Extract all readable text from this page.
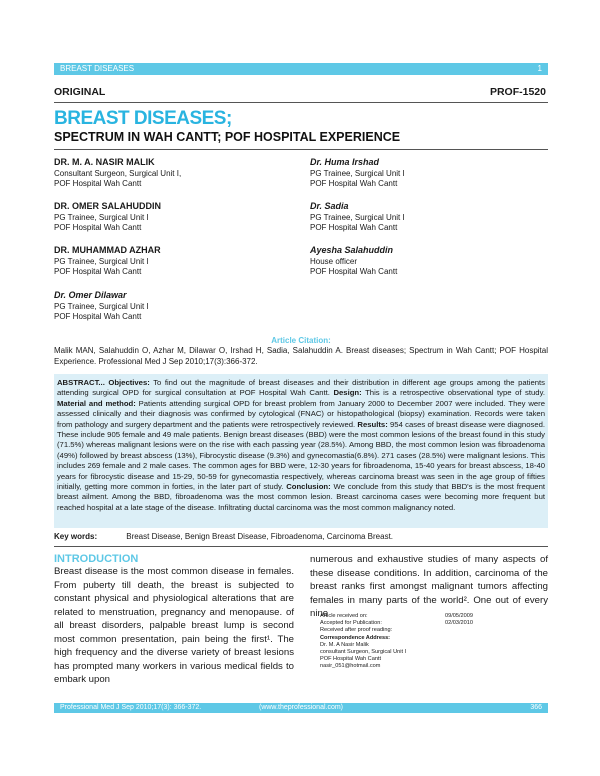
BREAST DISEASES	1
ORIGINAL	PROF-1520
BREAST DISEASES;
SPECTRUM IN WAH CANTT; POF HOSPITAL EXPERIENCE
DR. M. A. NASIR MALIK
Consultant Surgeon, Surgical Unit I,
POF Hospital Wah Cantt
DR. OMER SALAHUDDIN
PG Trainee, Surgical Unit I
POF Hospital Wah Cantt
DR. MUHAMMAD AZHAR
PG Trainee, Surgical Unit I
POF Hospital Wah Cantt
Dr. Omer Dilawar
PG Trainee, Surgical Unit I
POF Hospital Wah Cantt
Dr. Huma Irshad
PG Trainee, Surgical Unit I
POF Hospital Wah Cantt
Dr. Sadia
PG Trainee, Surgical Unit I
POF Hospital Wah Cantt
Ayesha Salahuddin
House officer
POF Hospital Wah Cantt
Article Citation:
Malik MAN, Salahuddin O, Azhar M, Dilawar O, Irshad H, Sadia, Salahuddin A. Breast diseases; Spectrum in Wah Cantt; POF Hospital Experience. Professional Med J Sep 2010;17(3):366-372.
ABSTRACT... Objectives: To find out the magnitude of breast diseases and their distribution in different age groups among the patients attending surgical OPD for surgical consultation at POF Hospital Wah Cantt. Design: This is a retrospective observational type of study. Material and method: Patients attending surgical OPD for breast problem from January 2000 to December 2007 were included. They were assessed clinically and their diagnosis was confirmed by cytological (FNAC) or histopathological (biopsy) examination. Records were taken from pathology and surgery department and the patients were retrospectively reviewed. Results: 954 cases of breast disease were diagnosed. These include 905 female and 49 male patients. Benign breast diseases (BBD) were the most common lesions of the breast found in this study (71.5%) whereas malignant lesions were on the rise with each passing year (28.5%). Among BBD, the most common lesion was fibroadenoma (49%) followed by breast abscess (13%), Fibrocystic disease (9.3%) and gynecomastia(6.8%). 271 cases (28.5%) were malignant lesions. This includes 269 female and 2 male cases. The common ages for BBD were, 12-30 years for fibroadenoma, 15-40 years for breast abscess, 18-40 years for fibrocystic disease and 15-29, 50-59 for gynecomastia respectively, whereas carcinoma breast was seen in the age group of fifties initially, getting more common in forties, in the later part of study. Conclusion: We conclude from this study that BBD's is the most frequent breast ailment. Among the BBD, fibroadenoma was the most common lesion. Breast carcinoma cases were becoming more frequent but reached hospital at a late stage of the disease. Infiltrating ductal carcinoma was the most common malignancy noted.
Key words:	Breast Disease, Benign Breast Disease, Fibroadenoma, Carcinoma Breast.
INTRODUCTION
Breast disease is the most common disease in females. From puberty till death, the breast is subjected to constant physical and physiological alterations that are related to menstruation, pregnancy and menopause. of all breast disorders, palpable breast lump is second most common presentation, pain being the first¹. The high frequency and the diverse variety of breast lesions has prompted many workers in various medical fields to embark upon
numerous and exhaustive studies of many aspects of these disease conditions. In addition, carcinoma of the breast ranks first amongst malignant tumors affecting females in many parts of the world². One out of every nine
Article received on:	09/05/2009
Accepted for Publication:	02/03/2010
Received after proof reading:
Correspondence Address:
Dr. M. A Nasir Malik
consultant Surgeon, Surgical Unit I
POF Hospital Wah Cantt
nasir_051@hotmail.com
Professional Med J Sep 2010;17(3): 366-372.	(www.theprofessional.com)	366
